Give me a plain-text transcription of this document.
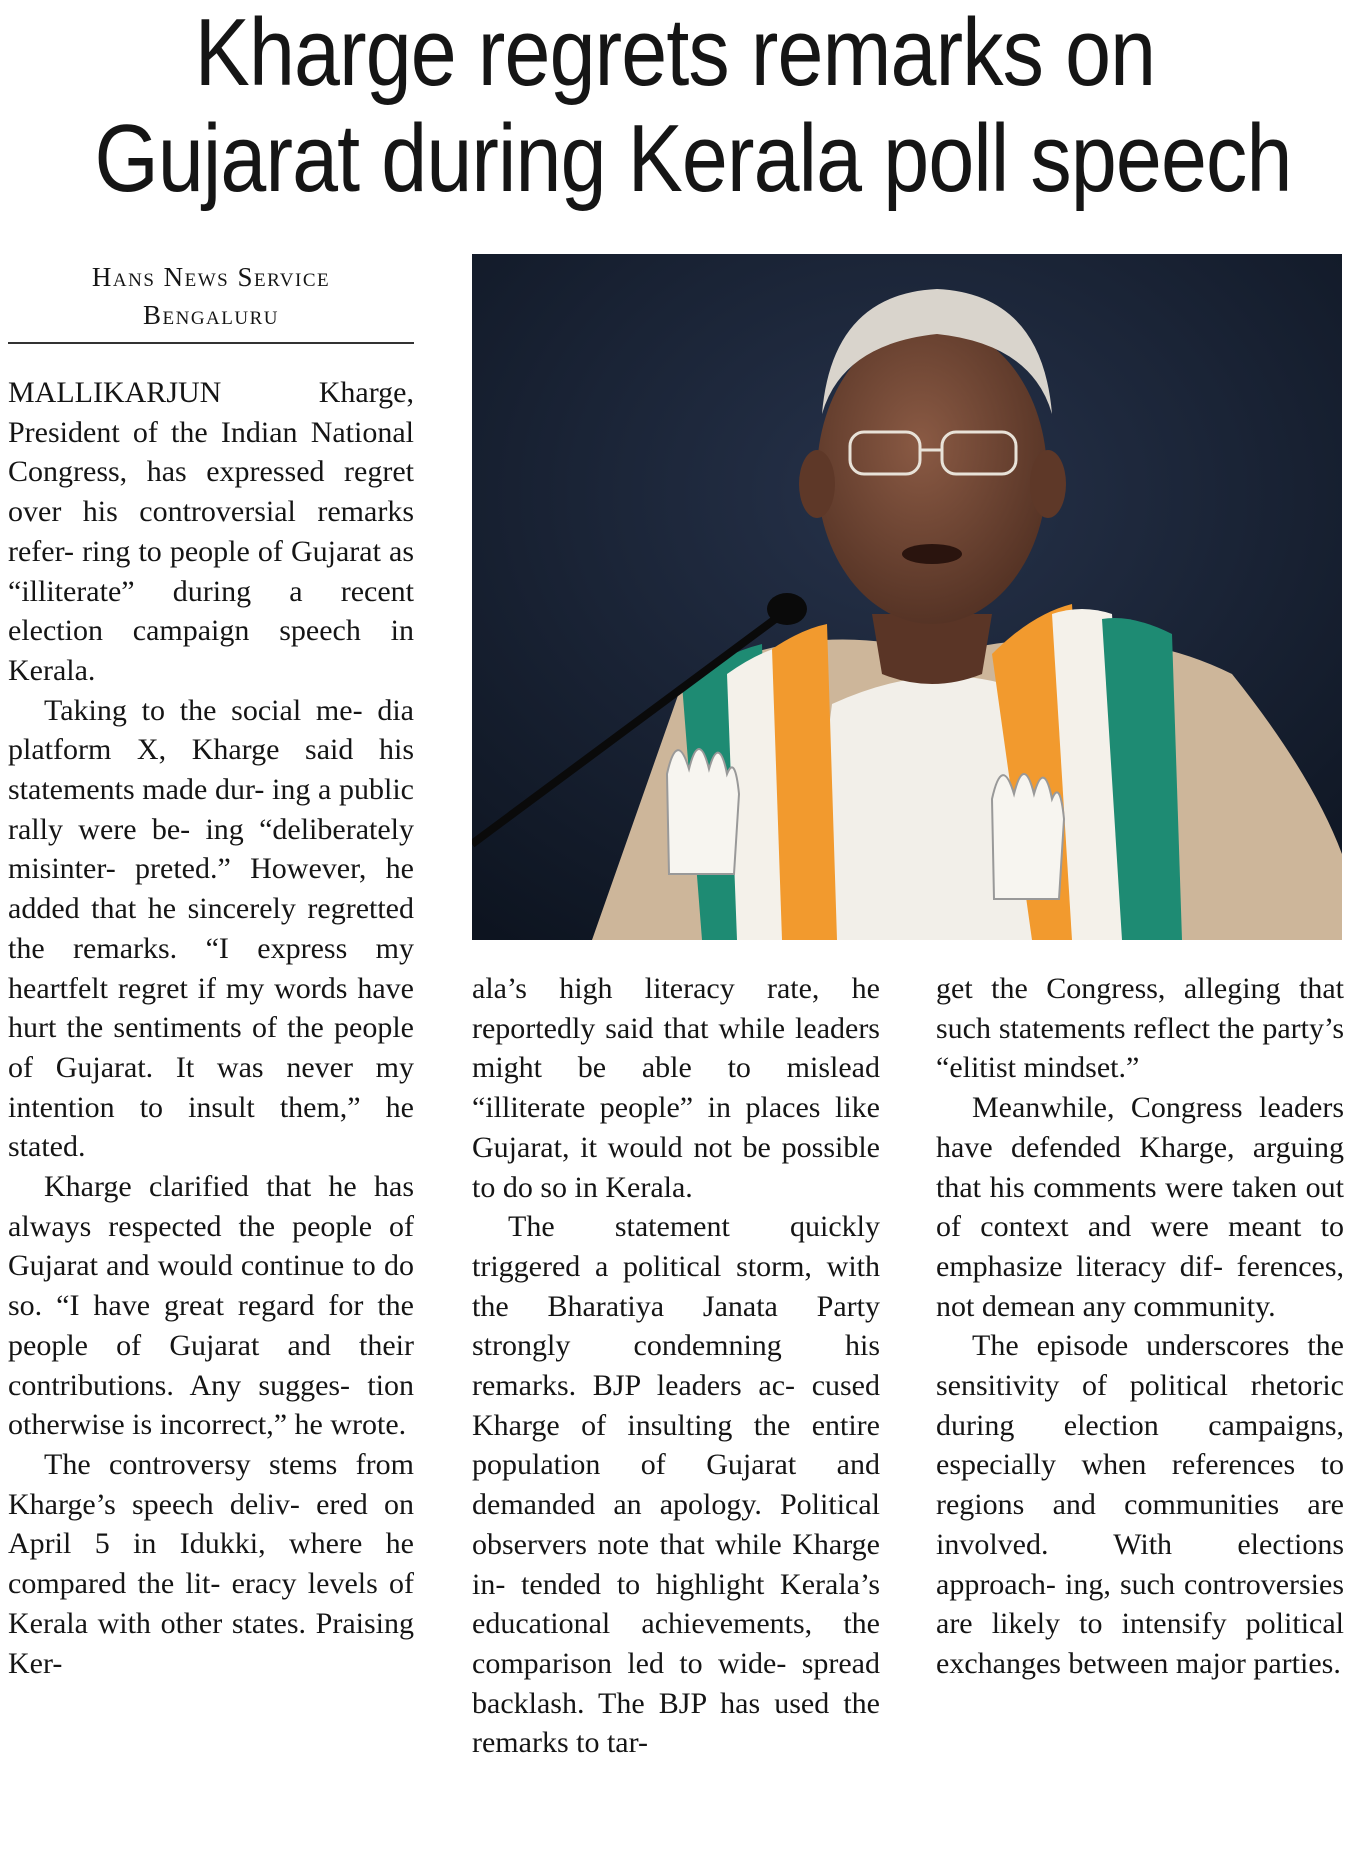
Kharge regrets remarks on
Gujarat during Kerala poll speech
Hans News Service
Bengaluru

MALLIKARJUN Kharge, President of the Indian National Congress, has expressed regret over his controversial remarks refer- ring to people of Gujarat as “illiterate” during a recent election campaign speech in Kerala.

Taking to the social me- dia platform X, Kharge said his statements made dur- ing a public rally were be- ing “deliberately misinter- preted.” However, he added that he sincerely regretted the remarks. “I express my heartfelt regret if my words have hurt the sentiments of the people of Gujarat. It was never my intention to insult them,” he stated.

Kharge clarified that he has always respected the people of Gujarat and would continue to do so. “I have great regard for the people of Gujarat and their contributions. Any sugges- tion otherwise is incorrect,” he wrote.

The controversy stems from Kharge’s speech deliv- ered on April 5 in Idukki, where he compared the lit- eracy levels of Kerala with other states. Praising Ker-

ala’s high literacy rate, he reportedly said that while leaders might be able to mislead “illiterate people” in places like Gujarat, it would not be possible to do so in Kerala.

The statement quickly triggered a political storm, with the Bharatiya Janata Party strongly condemning his remarks. BJP leaders ac- cused Kharge of insulting the entire population of Gujarat and demanded an apology. Political observers note that while Kharge in- tended to highlight Kerala’s educational achievements, the comparison led to wide- spread backlash. The BJP has used the remarks to tar-

get the Congress, alleging that such statements reflect the party’s “elitist mindset.”

Meanwhile, Congress leaders have defended Kharge, arguing that his comments were taken out of context and were meant to emphasize literacy dif- ferences, not demean any community.

The episode underscores the sensitivity of political rhetoric during election campaigns, especially when references to regions and communities are involved. With elections approach- ing, such controversies are likely to intensify political exchanges between major parties.
